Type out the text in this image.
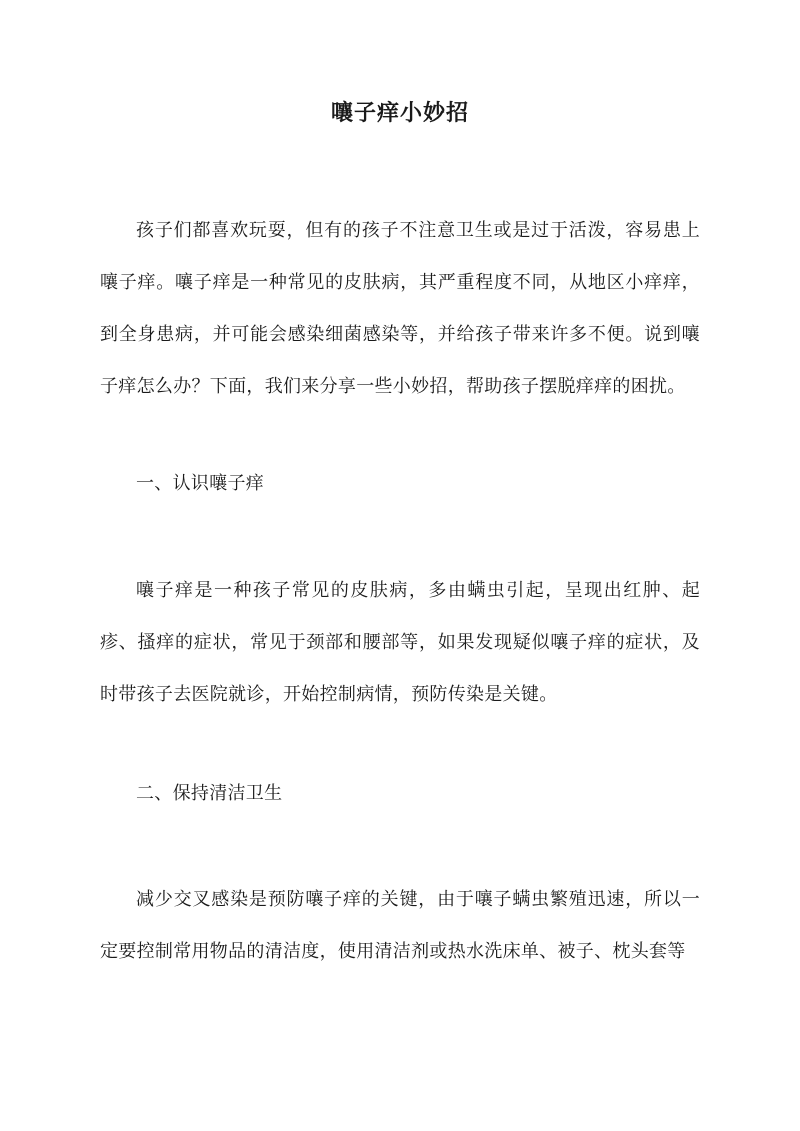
嚷子痒小妙招

孩子们都喜欢玩耍，但有的孩子不注意卫生或是过于活泼，容易患上嚷子痒。嚷子痒是一种常见的皮肤病，其严重程度不同，从地区小痒痒，到全身患病，并可能会感染细菌感染等，并给孩子带来许多不便。说到嚷子痒怎么办？下面，我们来分享一些小妙招，帮助孩子摆脱痒痒的困扰。

一、认识嚷子痒

嚷子痒是一种孩子常见的皮肤病，多由螨虫引起，呈现出红肿、起疹、搔痒的症状，常见于颈部和腰部等，如果发现疑似嚷子痒的症状，及时带孩子去医院就诊，开始控制病情，预防传染是关键。

二、保持清洁卫生

减少交叉感染是预防嚷子痒的关键，由于嚷子螨虫繁殖迅速，所以一定要控制常用物品的清洁度，使用清洁剂或热水洗床单、被子、枕头套等
